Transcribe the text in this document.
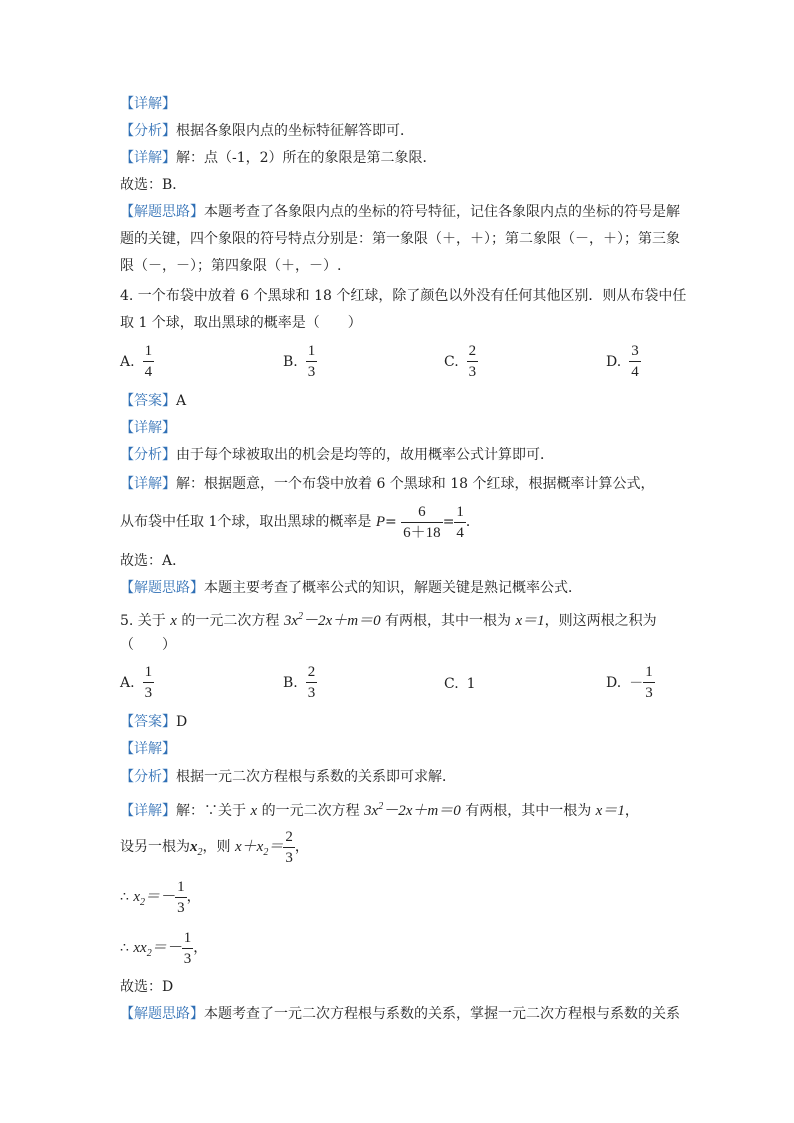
【详解】
【分析】根据各象限内点的坐标特征解答即可．
【详解】解：点（-1，2）所在的象限是第二象限．
故选：B．
【解题思路】本题考查了各象限内点的坐标的符号特征，记住各象限内点的坐标的符号是解
题的关键，四个象限的符号特点分别是：第一象限（＋，＋）；第二象限（－，＋）；第三象
限（－，－）；第四象限（＋，－）.
4. 一个布袋中放着 6 个黑球和 18 个红球，除了颜色以外没有任何其他区别．则从布袋中任
取 1 个球，取出黑球的概率是（　　）
A. $\frac{1}{4}$	B. $\frac{1}{3}$	C. $\frac{2}{3}$	D. $\frac{3}{4}$
【答案】A
【详解】
【分析】由于每个球被取出的机会是均等的，故用概率公式计算即可．
【详解】解：根据题意，一个布袋中放着 6 个黑球和 18 个红球，根据概率计算公式，
从布袋中任取 1个球，取出黑球的概率是 $P= \frac{6}{6+18} = \frac{1}{4}$ ．
故选：A．
【解题思路】本题主要考查了概率公式的知识，解题关键是熟记概率公式．
5. 关于 x 的一元二次方程 $3x^2-2x+m=0$ 有两根，其中一根为 x＝1，则这两根之积为
（　　）
A. $\frac{1}{3}$	B. $\frac{2}{3}$	C. 1	D. － $\frac{1}{3}$
【答案】D
【详解】
【分析】根据一元二次方程根与系数的关系即可求解．
【详解】解：∵关于 x 的一元二次方程 $3x^2-2x+m=0$ 有两根，其中一根为 x＝1，
设另一根为$x_2$，则 $x+x_2= \frac{2}{3}$ ，
∴ $x_2=- \frac{1}{3}$ ，
∴ $xx_2=- \frac{1}{3}$ ，
故选：D
【解题思路】本题考查了一元二次方程根与系数的关系，掌握一元二次方程根与系数的关系
